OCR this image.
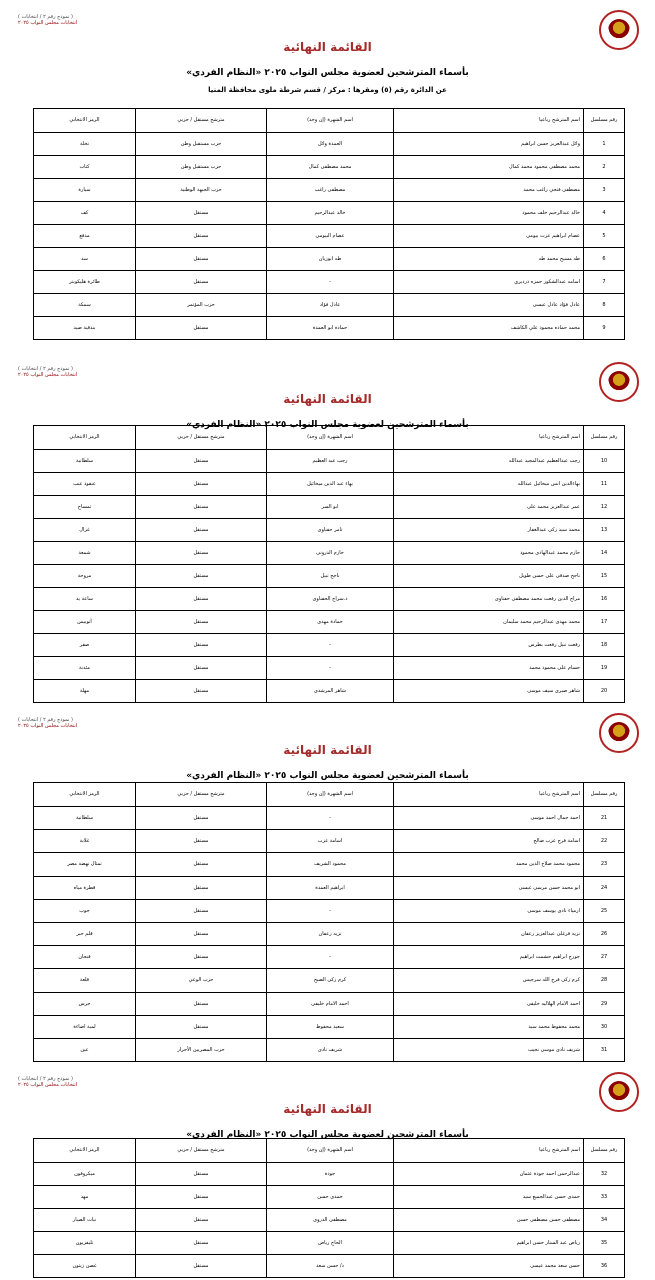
( نموذج رقم ٢ / انتخابات )
انتخابات مجلس النواب ٢٠٢٥
القائمة النهائية
بأسماء المترشحين لعضوية مجلس النواب ٢٠٢٥ «النظام الفردي»
عن الدائرة رقم (٥) ومقرها : مركز / قسم شرطة ملوى محافظة المنيا
رقم مسلسل	اسم المترشح رباعيا	اسم الشهرة (إن وجد)	مترشح مستقل / حزبي	الرمز الانتخابي
1	وائل عبدالعزيز حسن ابراهيم	العمدة وائل	حزب مستقبل وطن	نخلة
2	محمد مصطفى محمود محمد كمال	محمد مصطفى كمال	حزب مستقبل وطن	كتاب
3	مصطفى فتحي راغب محمد	مصطفى راغب	حزب الجبهة الوطنية	سيارة
4	خالد عبدالرحيم خلف محمود	خالد عبدالرحيم	مستقل	كف
5	عصام ابراهيم عزت بيومى	عصام البيومى	مستقل	مدفع
6	طه مسيح محمد طه	طه ابوزيان	مستقل	سد
7	اسامه عبدالشكور حمزه درديري	-	مستقل	طائرة هليكوبتر
8	عادل فؤاد عادل عيسى	عادل فؤاد	حزب المؤتمر	سمكة
9	محمد حماده محمود علي الكاشف	حمادة ابو العمدة	مستقل	بندقية صيد
( نموذج رقم ٢ / انتخابات )
انتخابات مجلس النواب ٢٠٢٥
القائمة النهائية
بأسماء المترشحين لعضوية مجلس النواب ٢٠٢٥ «النظام الفردي»
رقم مسلسل	اسم المترشح رباعيا	اسم الشهرة (إن وجد)	مترشح مستقل / حزبي	الرمز الانتخابي
10	رجب عبدالعظيم عبدالمجيد عبدالله	رجب عبد العظيم	مستقل	سلطانية
11	بهاءالدين انس ميخائيل عبدالله	بهاء عبد الدين ميخائيل	مستقل	عنقود عنب
12	عمر عبدالعزيز محمد على	ابو السر	مستقل	تمساح
13	محمد سيد زكى عبدالغفار	تامر حفناوى	مستقل	غزال
14	حازم محمد عبدالهادى محمود	حازم الدرونى	مستقل	شمعة
15	ناجح صدقى على حسن طويل	ناجح نبيل	مستقل	مروحة
16	مراج الدين رفعت محمد مصطفى حفناوى	د.سراج الحفناوى	مستقل	ساعة يد
17	محمد مهدى عبدالرحيم محمد سليمان	حمادة مهدى	مستقل	أتوبيس
18	رفعت نبيل رفعت بطرس	-	مستقل	صقر
19	حسام على محمود محمد	-	مستقل	مئذنة
20	شاهر صبرى سيف موسى	شاهر المرشدى	مستقل	مهلة
( نموذج رقم ٢ / انتخابات )
انتخابات مجلس النواب ٢٠٢٥
القائمة النهائية
بأسماء المترشحين لعضوية مجلس النواب ٢٠٢٥ «النظام الفردي»
رقم مسلسل	اسم المترشح رباعيا	اسم الشهرة (إن وجد)	مترشح مستقل / حزبي	الرمز الانتخابي
21	احمد جمال احمد موسى	-	مستقل	سلطانية
22	اسامة فرج عزب صالح	اسامة عزب	مستقل	غلاية
23	محمود محمد صلاح الدين محمد	محمود الشريف	مستقل	تمثال نهضة مصر
24	ابو محمد حسن مرسى عيسى	ابراهيم العمدة	مستقل	قطرة مياه
25	ارمياء نادى يوسف موسى	-	مستقل	جوب
26	نزيه فرغلى عبدالعزيز زعفان	نزيه زعفان	مستقل	قلم حبر
27	جورج ابراهيم حشمت ابراهيم	-	مستقل	فنجان
28	كرم زكى فرح الله سرجيس	كرم زكى الصبح	حزب الوعي	قلعة
29	احمد الامام الهلاليه خليفى	احمد الامام خليفى	مستقل	جرس
30	محمد محفوظ محمد سيد	سعيد محفوظ	مستقل	لمبة اضاءة
31	شريف نادى موسى نجيب	شريف نادى	حزب المصريين الأحرار	عين
( نموذج رقم ٢ / انتخابات )
انتخابات مجلس النواب ٢٠٢٥
القائمة النهائية
بأسماء المترشحين لعضوية مجلس النواب ٢٠٢٥ «النظام الفردي»
رقم مسلسل	اسم المترشح رباعيا	اسم الشهرة (إن وجد)	مترشح مستقل / حزبي	الرمز الانتخابي
32	عبدالرحمن احمد جودة عثمان	جودة	مستقل	ميكروفون
33	حمدى حسن عبدالجميع سيد	حمدى حسن	مستقل	مهد
34	مصطفى حسن مصطفى حسن	مصطفى الدروى	مستقل	نبات الصبار
35	رياض عبد الستار حسن ابراهيم	الحاج رياض	مستقل	تليفزيون
36	حسن سعد محمد عيسى	د/ حسن سعد	مستقل	غصن زيتون
